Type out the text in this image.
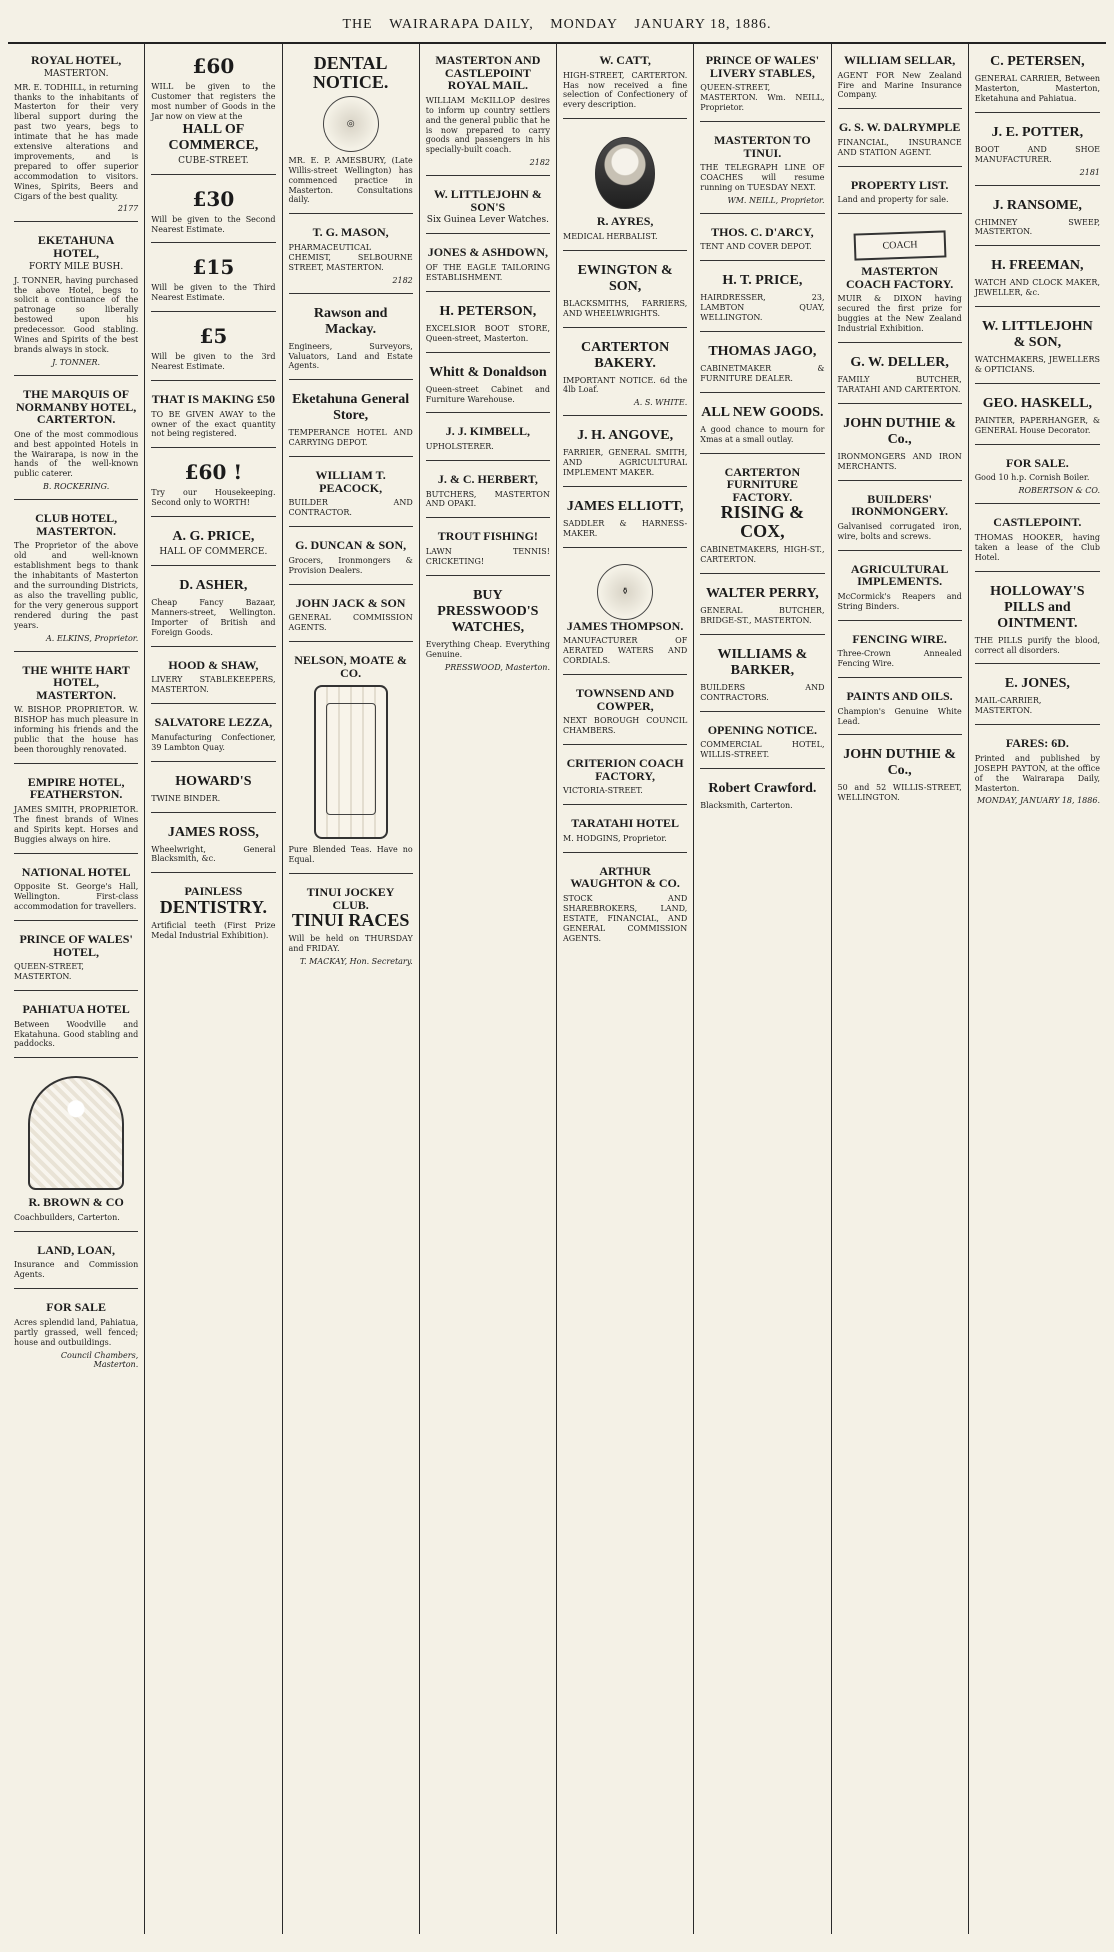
THE
WAIRARAPA DAILY,
MONDAY
JANUARY 18, 1886.
ROYAL HOTEL,
MASTERTON.

MR. E. TODHILL, in returning thanks to the inhabitants of Masterton for their very liberal support during the past two years, begs to intimate that he has made extensive alterations and improvements, and is prepared to offer superior accommodation to visitors. Wines, Spirits, Beers and Cigars of the best quality.

2177
EKETAHUNA HOTEL,
FORTY MILE BUSH.

J. TONNER, having purchased the above Hotel, begs to solicit a continuance of the patronage so liberally bestowed upon his predecessor. Good stabling. Wines and Spirits of the best brands always in stock.

J. TONNER.
THE MARQUIS OF NORMANBY HOTEL, CARTERTON.

One of the most commodious and best appointed Hotels in the Wairarapa, is now in the hands of the well-known public caterer.

B. ROCKERING.
CLUB HOTEL, MASTERTON.

The Proprietor of the above old and well-known establishment begs to thank the inhabitants of Masterton and the surrounding Districts, as also the travelling public, for the very generous support rendered during the past years.

A. ELKINS, Proprietor.
THE WHITE HART HOTEL, MASTERTON.

W. BISHOP. PROPRIETOR. W. BISHOP has much pleasure in informing his friends and the public that the house has been thoroughly renovated.

EMPIRE HOTEL, FEATHERSTON.

JAMES SMITH, PROPRIETOR. The finest brands of Wines and Spirits kept. Horses and Buggies always on hire.

NATIONAL HOTEL

Opposite St. George's Hall, Wellington. First-class accommodation for travellers.

PRINCE OF WALES' HOTEL,

QUEEN-STREET, MASTERTON.

PAHIATUA HOTEL

Between Woodville and Ekatahuna. Good stabling and paddocks.

R. BROWN & CO

Coachbuilders, Carterton.

LAND, LOAN,

Insurance and Commission Agents.

FOR SALE

Acres splendid land, Pahiatua, partly grassed, well fenced; house and outbuildings.

Council Chambers, Masterton.
£60

WILL be given to the Customer that registers the most number of Goods in the Jar now on view at the

HALL OF COMMERCE,
CUBE-STREET.
£30

Will be given to the Second Nearest Estimate.

£15

Will be given to the Third Nearest Estimate.

£5

Will be given to the 3rd Nearest Estimate.

THAT IS MAKING £50

TO BE GIVEN AWAY to the owner of the exact quantity not being registered.

£60 !

Try our Housekeeping. Second only to WORTH!

A. G. PRICE,
HALL OF COMMERCE.
D. ASHER,

Cheap Fancy Bazaar, Manners-street, Wellington. Importer of British and Foreign Goods.

HOOD & SHAW,

LIVERY STABLEKEEPERS, MASTERTON.

SALVATORE LEZZA,

Manufacturing Confectioner, 39 Lambton Quay.

HOWARD'S

TWINE BINDER.

JAMES ROSS,

Wheelwright, General Blacksmith, &c.

PAINLESS
DENTISTRY.

Artificial teeth (First Prize Medal Industrial Exhibition).

DENTAL NOTICE.
◎

MR. E. P. AMESBURY, (Late Willis-street Wellington) has commenced practice in Masterton. Consultations daily.

T. G. MASON,

PHARMACEUTICAL CHEMIST, SELBOURNE STREET, MASTERTON.

2182
Rawson and Mackay.

Engineers, Surveyors, Valuators, Land and Estate Agents.

Eketahuna General Store,

TEMPERANCE HOTEL AND CARRYING DEPOT.

WILLIAM T. PEACOCK,

BUILDER AND CONTRACTOR.

G. DUNCAN & SON,

Grocers, Ironmongers & Provision Dealers.

JOHN JACK & SON

GENERAL COMMISSION AGENTS.

NELSON, MOATE & CO.

Pure Blended Teas. Have no Equal.

TINUI JOCKEY CLUB.
TINUI RACES

Will be held on THURSDAY and FRIDAY.

T. MACKAY, Hon. Secretary.
MASTERTON AND CASTLEPOINT ROYAL MAIL.

WILLIAM McKILLOP desires to inform up country settlers and the general public that he is now prepared to carry goods and passengers in his specially-built coach.

2182
W. LITTLEJOHN & SON'S
Six Guinea Lever Watches.
JONES & ASHDOWN,

OF THE EAGLE TAILORING ESTABLISHMENT.

H. PETERSON,

EXCELSIOR BOOT STORE, Queen-street, Masterton.

Whitt & Donaldson

Queen-street Cabinet and Furniture Warehouse.

J. J. KIMBELL,

UPHOLSTERER.

J. & C. HERBERT,

BUTCHERS, MASTERTON AND OPAKI.

TROUT FISHING!

LAWN TENNIS! CRICKETING!

BUY PRESSWOOD'S WATCHES,

Everything Cheap. Everything Genuine.

PRESSWOOD, Masterton.
W. CATT,

HIGH-STREET, CARTERTON. Has now received a fine selection of Confectionery of every description.

R. AYRES,

MEDICAL HERBALIST.

EWINGTON & SON,

BLACKSMITHS, FARRIERS, AND WHEELWRIGHTS.

CARTERTON BAKERY.

IMPORTANT NOTICE. 6d the 4lb Loaf.

A. S. WHITE.
J. H. ANGOVE,

FARRIER, GENERAL SMITH, AND AGRICULTURAL IMPLEMENT MAKER.

JAMES ELLIOTT,

SADDLER & HARNESS-MAKER.

⚱
JAMES THOMPSON.

MANUFACTURER OF AERATED WATERS AND CORDIALS.

TOWNSEND AND COWPER,

NEXT BOROUGH COUNCIL CHAMBERS.

CRITERION COACH FACTORY,

VICTORIA-STREET.

TARATAHI HOTEL

M. HODGINS, Proprietor.

ARTHUR WAUGHTON & CO.

STOCK AND SHAREBROKERS, LAND, ESTATE, FINANCIAL, AND GENERAL COMMISSION AGENTS.

PRINCE OF WALES' LIVERY STABLES,

QUEEN-STREET, MASTERTON. Wm. NEILL, Proprietor.

MASTERTON TO TINUI.

THE TELEGRAPH LINE OF COACHES will resume running on TUESDAY NEXT.

WM. NEILL, Proprietor.
THOS. C. D'ARCY,

TENT AND COVER DEPOT.

H. T. PRICE,

HAIRDRESSER, 23, LAMBTON QUAY, WELLINGTON.

THOMAS JAGO,

CABINETMAKER & FURNITURE DEALER.

ALL NEW GOODS.

A good chance to mourn for Xmas at a small outlay.

CARTERTON FURNITURE FACTORY.
RISING & COX,

CABINETMAKERS, HIGH-ST., CARTERTON.

WALTER PERRY,

GENERAL BUTCHER, BRIDGE-ST., MASTERTON.

WILLIAMS & BARKER,

BUILDERS AND CONTRACTORS.

OPENING NOTICE.

COMMERCIAL HOTEL, WILLIS-STREET.

Robert Crawford.

Blacksmith, Carterton.

WILLIAM SELLAR,

AGENT FOR New Zealand Fire and Marine Insurance Company.

G. S. W. DALRYMPLE

FINANCIAL, INSURANCE AND STATION AGENT.

PROPERTY LIST.

Land and property for sale.

COACH
MASTERTON COACH FACTORY.

MUIR & DIXON having secured the first prize for buggies at the New Zealand Industrial Exhibition.

G. W. DELLER,

FAMILY BUTCHER, TARATAHI AND CARTERTON.

JOHN DUTHIE & Co.,

IRONMONGERS AND IRON MERCHANTS.

BUILDERS' IRONMONGERY.

Galvanised corrugated iron, wire, bolts and screws.

AGRICULTURAL IMPLEMENTS.

McCormick's Reapers and String Binders.

FENCING WIRE.

Three-Crown Annealed Fencing Wire.

PAINTS AND OILS.

Champion's Genuine White Lead.

JOHN DUTHIE & Co.,

50 and 52 WILLIS-STREET, WELLINGTON.

C. PETERSEN,

GENERAL CARRIER, Between Masterton, Masterton, Eketahuna and Pahiatua.

J. E. POTTER,

BOOT AND SHOE MANUFACTURER.

2181
J. RANSOME,

CHIMNEY SWEEP, MASTERTON.

H. FREEMAN,

WATCH AND CLOCK MAKER, JEWELLER, &c.

W. LITTLEJOHN & SON,

WATCHMAKERS, JEWELLERS & OPTICIANS.

GEO. HASKELL,

PAINTER, PAPERHANGER, & GENERAL House Decorator.

FOR SALE.

Good 10 h.p. Cornish Boiler.

ROBERTSON & CO.
CASTLEPOINT.

THOMAS HOOKER, having taken a lease of the Club Hotel.

HOLLOWAY'S PILLS and OINTMENT.

THE PILLS purify the blood, correct all disorders.

E. JONES,

MAIL-CARRIER, MASTERTON.

FARES: 6D.

Printed and published by JOSEPH PAYTON, at the office of the Wairarapa Daily, Masterton.

MONDAY, JANUARY 18, 1886.
